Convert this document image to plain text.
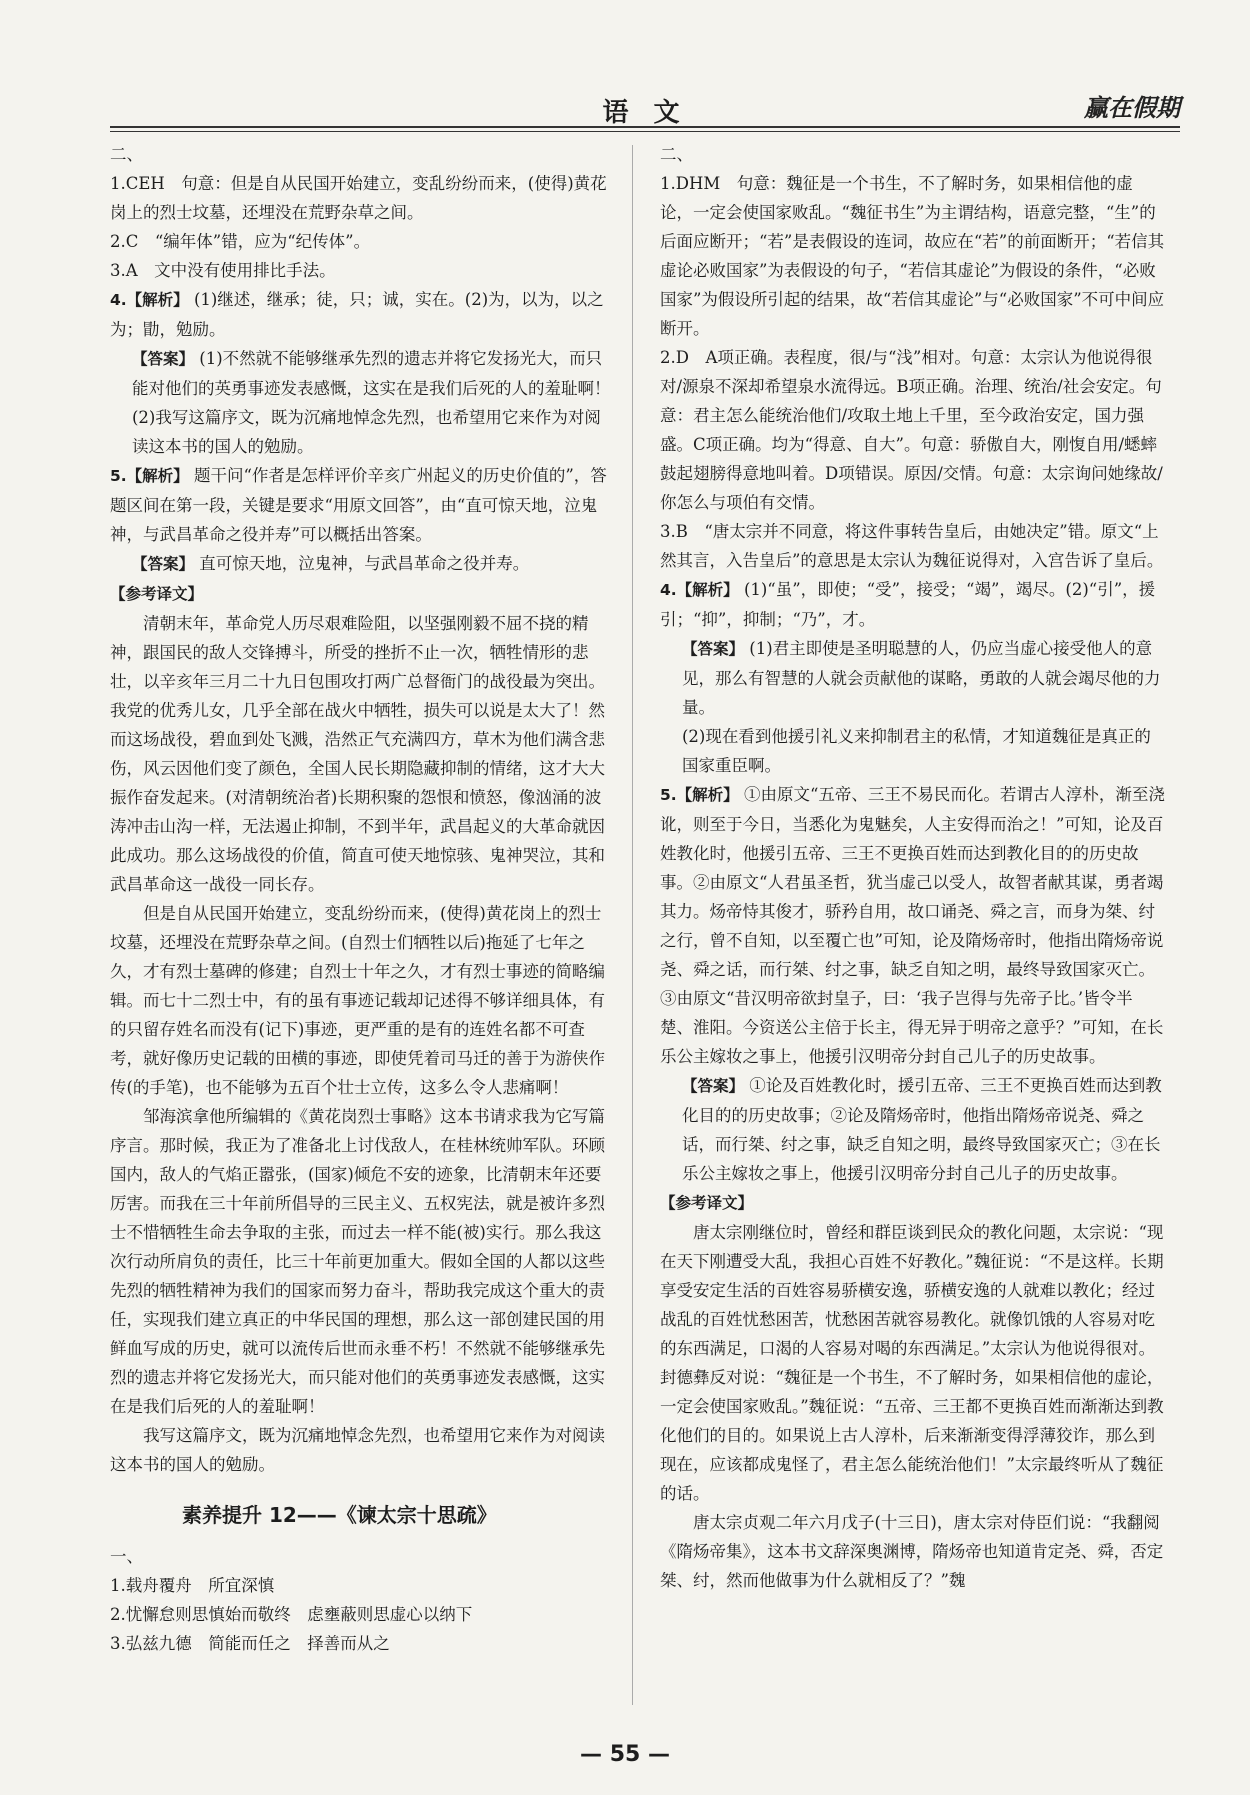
语 文	赢在假期

二、

1.CEH　句意：但是自从民国开始建立，变乱纷纷而来，(使得)黄花岗上的烈士坟墓，还埋没在荒野杂草之间。

2.C　“编年体”错，应为“纪传体”。

3.A　文中没有使用排比手法。

4.【解析】 (1)继述，继承；徒，只；诚，实在。(2)为，以为，以之为；勖，勉励。

【答案】 (1)不然就不能够继承先烈的遗志并将它发扬光大，而只能对他们的英勇事迹发表感慨，这实在是我们后死的人的羞耻啊！

(2)我写这篇序文，既为沉痛地悼念先烈，也希望用它来作为对阅读这本书的国人的勉励。

5.【解析】 题干问“作者是怎样评价辛亥广州起义的历史价值的”，答题区间在第一段，关键是要求“用原文回答”，由“直可惊天地，泣鬼神，与武昌革命之役并寿”可以概括出答案。

【答案】 直可惊天地，泣鬼神，与武昌革命之役并寿。

【参考译文】

清朝末年，革命党人历尽艰难险阻，以坚强刚毅不屈不挠的精神，跟国民的敌人交锋搏斗，所受的挫折不止一次，牺牲情形的悲壮，以辛亥年三月二十九日包围攻打两广总督衙门的战役最为突出。我党的优秀儿女，几乎全部在战火中牺牲，损失可以说是太大了！然而这场战役，碧血到处飞溅，浩然正气充满四方，草木为他们满含悲伤，风云因他们变了颜色，全国人民长期隐藏抑制的情绪，这才大大振作奋发起来。(对清朝统治者)长期积聚的怨恨和愤怒，像汹涌的波涛冲击山沟一样，无法遏止抑制，不到半年，武昌起义的大革命就因此成功。那么这场战役的价值，简直可使天地惊骇、鬼神哭泣，其和武昌革命这一战役一同长存。

但是自从民国开始建立，变乱纷纷而来，(使得)黄花岗上的烈士坟墓，还埋没在荒野杂草之间。(自烈士们牺牲以后)拖延了七年之久，才有烈士墓碑的修建；自烈士十年之久，才有烈士事迹的简略编辑。而七十二烈士中，有的虽有事迹记载却记述得不够详细具体，有的只留存姓名而没有(记下)事迹，更严重的是有的连姓名都不可查考，就好像历史记载的田横的事迹，即使凭着司马迁的善于为游侠作传(的手笔)，也不能够为五百个壮士立传，这多么令人悲痛啊！

邹海滨拿他所编辑的《黄花岗烈士事略》这本书请求我为它写篇序言。那时候，我正为了准备北上讨伐敌人，在桂林统帅军队。环顾国内，敌人的气焰正嚣张，(国家)倾危不安的迹象，比清朝末年还要厉害。而我在三十年前所倡导的三民主义、五权宪法，就是被许多烈士不惜牺牲生命去争取的主张，而过去一样不能(被)实行。那么我这次行动所肩负的责任，比三十年前更加重大。假如全国的人都以这些先烈的牺牲精神为我们的国家而努力奋斗，帮助我完成这个重大的责任，实现我们建立真正的中华民国的理想，那么这一部创建民国的用鲜血写成的历史，就可以流传后世而永垂不朽！不然就不能够继承先烈的遗志并将它发扬光大，而只能对他们的英勇事迹发表感慨，这实在是我们后死的人的羞耻啊！

我写这篇序文，既为沉痛地悼念先烈，也希望用它来作为对阅读这本书的国人的勉励。

素养提升 12——《谏太宗十思疏》

一、

1.载舟覆舟　所宜深慎

2.忧懈怠则思慎始而敬终　虑壅蔽则思虚心以纳下

3.弘兹九德　简能而任之　择善而从之

二、

1.DHM　句意：魏征是一个书生，不了解时务，如果相信他的虚论，一定会使国家败乱。“魏征书生”为主谓结构，语意完整，“生”的后面应断开；“若”是表假设的连词，故应在“若”的前面断开；“若信其虚论必败国家”为表假设的句子，“若信其虚论”为假设的条件，“必败国家”为假设所引起的结果，故“若信其虚论”与“必败国家”不可中间应断开。

2.D　A项正确。表程度，很/与“浅”相对。句意：太宗认为他说得很对/源泉不深却希望泉水流得远。B项正确。治理、统治/社会安定。句意：君主怎么能统治他们/攻取土地上千里，至今政治安定，国力强盛。C项正确。均为“得意、自大”。句意：骄傲自大，刚愎自用/蟋蟀鼓起翅膀得意地叫着。D项错误。原因/交情。句意：太宗询问她缘故/你怎么与项伯有交情。

3.B　“唐太宗并不同意，将这件事转告皇后，由她决定”错。原文“上然其言，入告皇后”的意思是太宗认为魏征说得对，入宫告诉了皇后。

4.【解析】 (1)“虽”，即使；“受”，接受；“竭”，竭尽。(2)“引”，援引；“抑”，抑制；“乃”，才。

【答案】 (1)君主即使是圣明聪慧的人，仍应当虚心接受他人的意见，那么有智慧的人就会贡献他的谋略，勇敢的人就会竭尽他的力量。

(2)现在看到他援引礼义来抑制君主的私情，才知道魏征是真正的国家重臣啊。

5.【解析】 ①由原文“五帝、三王不易民而化。若谓古人淳朴，渐至浇讹，则至于今日，当悉化为鬼魅矣，人主安得而治之！”可知，论及百姓教化时，他援引五帝、三王不更换百姓而达到教化目的的历史故事。②由原文“人君虽圣哲，犹当虚己以受人，故智者献其谋，勇者竭其力。炀帝恃其俊才，骄矜自用，故口诵尧、舜之言，而身为桀、纣之行，曾不自知，以至覆亡也”可知，论及隋炀帝时，他指出隋炀帝说尧、舜之话，而行桀、纣之事，缺乏自知之明，最终导致国家灭亡。③由原文“昔汉明帝欲封皇子，曰：‘我子岂得与先帝子比。’皆令半楚、淮阳。今资送公主倍于长主，得无异于明帝之意乎？”可知，在长乐公主嫁妆之事上，他援引汉明帝分封自己儿子的历史故事。

【答案】 ①论及百姓教化时，援引五帝、三王不更换百姓而达到教化目的的历史故事；②论及隋炀帝时，他指出隋炀帝说尧、舜之话，而行桀、纣之事，缺乏自知之明，最终导致国家灭亡；③在长乐公主嫁妆之事上，他援引汉明帝分封自己儿子的历史故事。

【参考译文】

唐太宗刚继位时，曾经和群臣谈到民众的教化问题，太宗说：“现在天下刚遭受大乱，我担心百姓不好教化。”魏征说：“不是这样。长期享受安定生活的百姓容易骄横安逸，骄横安逸的人就难以教化；经过战乱的百姓忧愁困苦，忧愁困苦就容易教化。就像饥饿的人容易对吃的东西满足，口渴的人容易对喝的东西满足。”太宗认为他说得很对。封德彝反对说：“魏征是一个书生，不了解时务，如果相信他的虚论，一定会使国家败乱。”魏征说：“五帝、三王都不更换百姓而渐渐达到教化他们的目的。如果说上古人淳朴，后来渐渐变得浮薄狡诈，那么到现在，应该都成鬼怪了，君主怎么能统治他们！”太宗最终听从了魏征的话。

唐太宗贞观二年六月戊子(十三日)，唐太宗对侍臣们说：“我翻阅《隋炀帝集》，这本书文辞深奥渊博，隋炀帝也知道肯定尧、舜，否定桀、纣，然而他做事为什么就相反了？”魏

— 55 —
